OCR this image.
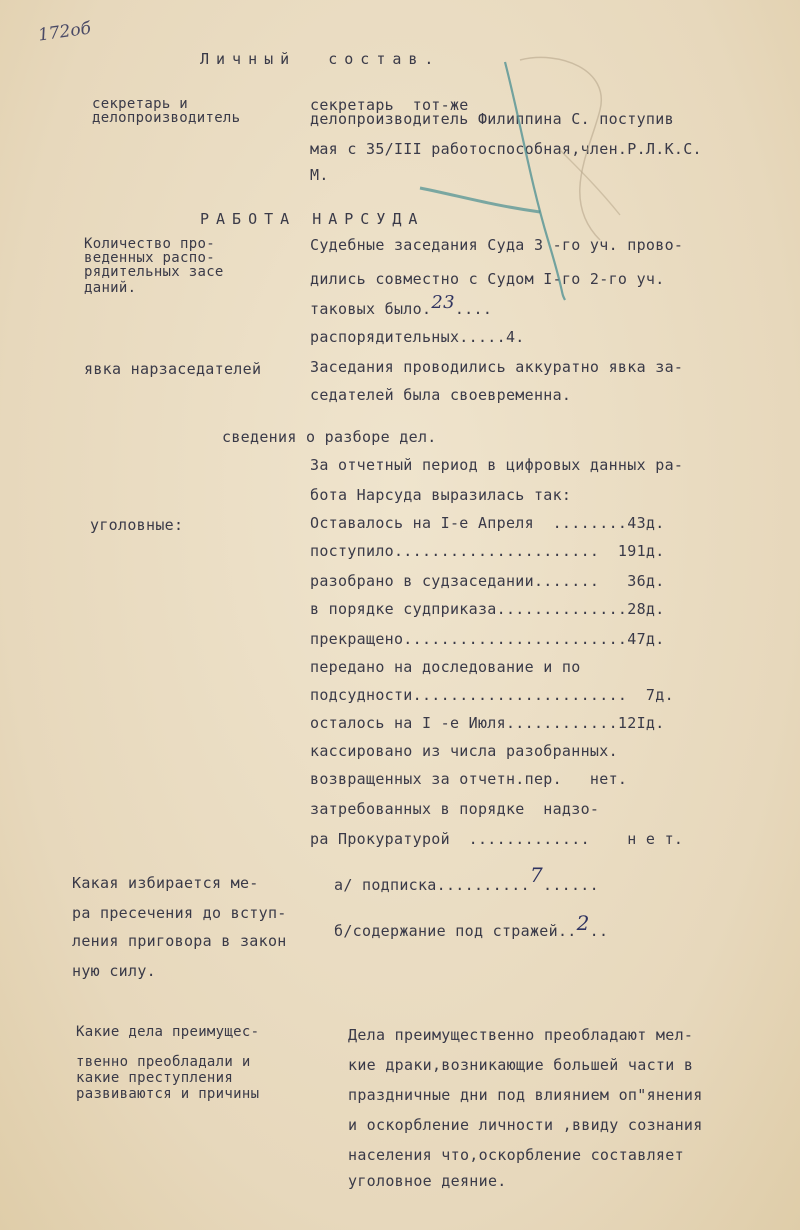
172об
Личный  состав.
секретарь и
делопроизводитель
секретарь  тот-же
делопроизводитель Филиппина С. поступив
мая с 35/III работоспособная,член.Р.Л.К.С.
М.
РАБОТА НАРСУДА
Количество про-
веденных распо-
рядительных засе
даний.
Судебные заседания Суда 3 -го уч. прово-
дились совместно с Судом I-го 2-го уч.
таковых было.23....
распорядительных.....4.
явка нарзаседателей	Заседания проводились аккуратно явка за-
седателей была своевременна.
сведения о разборе дел.
За отчетный период в цифровых данных ра-
бота Нарсуда выразилась так:
уголовные:	Оставалось на I-е Апреля  ........43д.
поступило......................  191д.
разобрано в судзаседании.......   36д.
в порядке судприказа..............28д.
прекращено........................47д.
передано на доследование и по
подсудности.......................  7д.
осталось на I -е Июля............12Iд.
кассировано из числа разобранных.
возвращенных за отчетн.пер.   нет.
затребованных в порядке  надзо-
ра Прокуратурой  .............    н е т.
Какая избирается ме-
ра пресечения до вступ-
ления приговора в закон
ную силу.
а/ подписка..........7......
б/содержание под стражей..2..
Какие дела преимущес-
твенно преобладали и
какие преступления
развиваются и причины
Дела преимущественно преобладают мел-
кие драки,возникающие большей части в
праздничные дни под влиянием оп"янения
и оскорбление личности ,ввиду сознания
населения что,оскорбление составляет
уголовное деяние.
